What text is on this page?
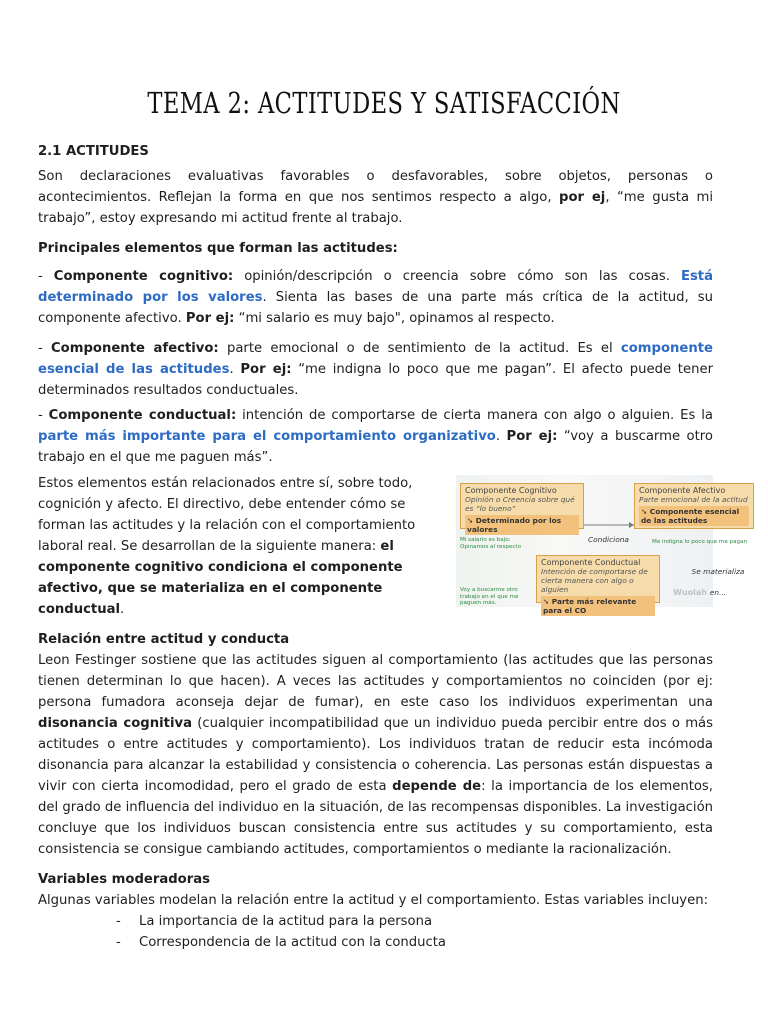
TEMA 2: ACTITUDES Y SATISFACCIÓN

2.1 ACTITUDES

Son declaraciones evaluativas favorables o desfavorables, sobre objetos, personas o acontecimientos. Reflejan la forma en que nos sentimos respecto a algo, por ej, “me gusta mi trabajo”, estoy expresando mi actitud frente al trabajo.

Principales elementos que forman las actitudes:

- Componente cognitivo: opinión/descripción o creencia sobre cómo son las cosas. Está determinado por los valores. Sienta las bases de una parte más crítica de la actitud, su componente afectivo. Por ej: “mi salario es muy bajo", opinamos al respecto.

- Componente afectivo: parte emocional o de sentimiento de la actitud. Es el componente esencial de las actitudes. Por ej: “me indigna lo poco que me pagan”. El afecto puede tener determinados resultados conductuales.

- Componente conductual: intención de comportarse de cierta manera con algo o alguien. Es la parte más importante para el comportamiento organizativo. Por ej: “voy a buscarme otro trabajo en el que me paguen más”.

Estos elementos están relacionados entre sí, sobre todo, cognición y afecto. El directivo, debe entender cómo se forman las actitudes y la relación con el comportamiento laboral real. Se desarrollan de la siguiente manera: el componente cognitivo condiciona el componente afectivo, que se materializa en el componente conductual.

Componente Cognitivo
Opinión o Creencia sobre qué es “lo bueno”
➘ Determinado por los valores
Componente Afectivo
Parte emocional de la actitud
➘ Componente esencial de las actitudes
Componente Conductual
Intención de comportarse de cierta manera con algo o alguien
➘ Parte más relevante para el CO
Condiciona
Se materializa en...
Mi salario es bajo: Opinamos al respecto
Me indigna lo poco que me pagan
Voy a buscarme otro trabajo en el que me paguen más.
Wuolah

Relación entre actitud y conducta

Leon Festinger sostiene que las actitudes siguen al comportamiento (las actitudes que las personas tienen determinan lo que hacen). A veces las actitudes y comportamientos no coinciden (por ej: persona fumadora aconseja dejar de fumar), en este caso los individuos experimentan una disonancia cognitiva (cualquier incompatibilidad que un individuo pueda percibir entre dos o más actitudes o entre actitudes y comportamiento). Los individuos tratan de reducir esta incómoda disonancia para alcanzar la estabilidad y consistencia o coherencia. Las personas están dispuestas a vivir con cierta incomodidad, pero el grado de esta depende de: la importancia de los elementos, del grado de influencia del individuo en la situación, de las recompensas disponibles. La investigación concluye que los individuos buscan consistencia entre sus actitudes y su comportamiento, esta consistencia se consigue cambiando actitudes, comportamientos o mediante la racionalización.

Variables moderadoras

Algunas variables modelan la relación entre la actitud y el comportamiento. Estas variables incluyen:

- La importancia de la actitud para la persona
- Correspondencia de la actitud con la conducta
